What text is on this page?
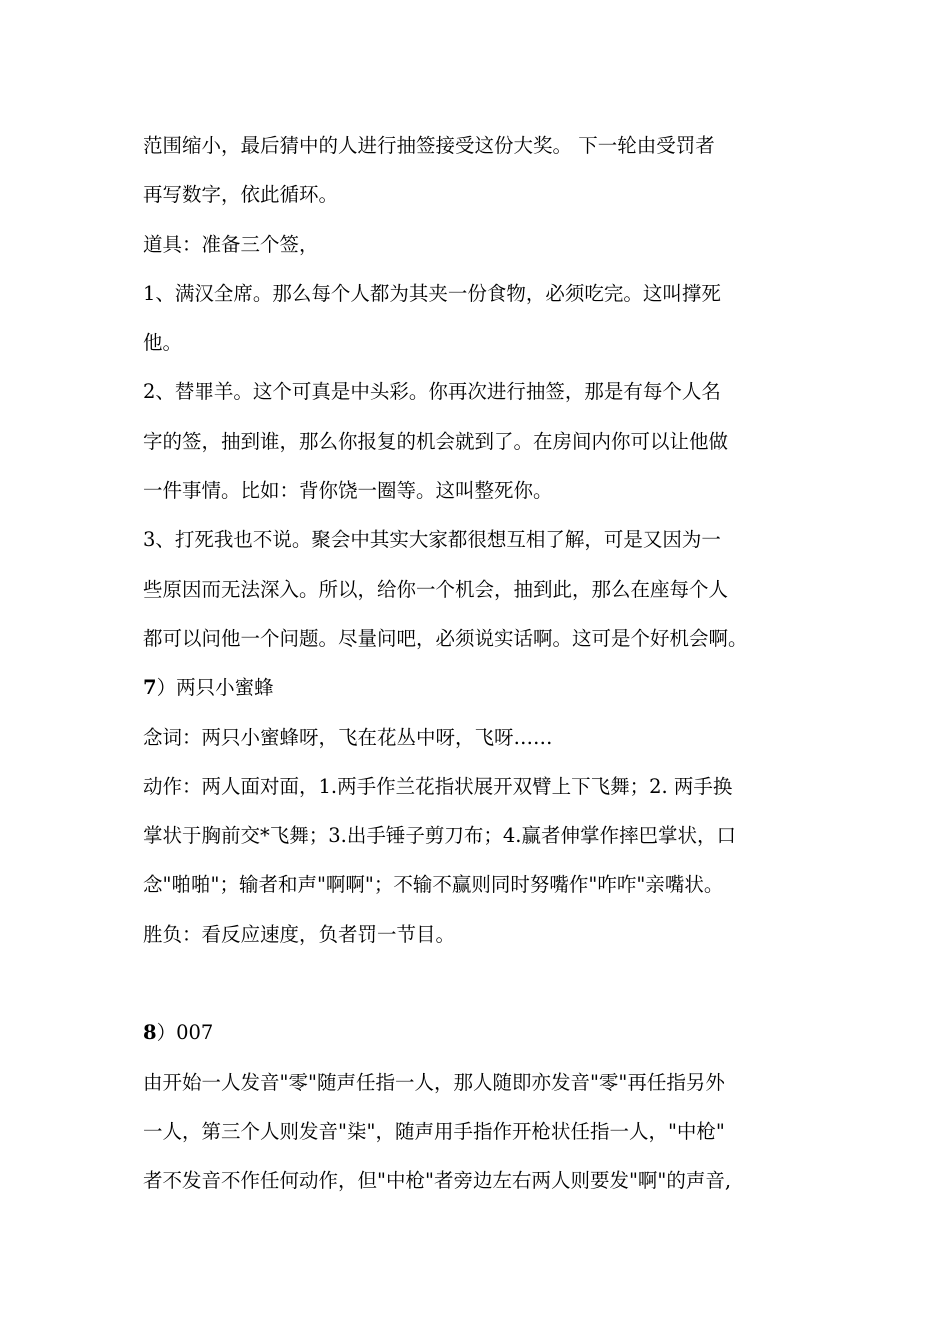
范围缩小，最后猜中的人进行抽签接受这份大奖。 下一轮由受罚者
再写数字，依此循环。
道具：准备三个签，
1、满汉全席。那么每个人都为其夹一份食物，必须吃完。这叫撑死
他。
2、替罪羊。这个可真是中头彩。你再次进行抽签，那是有每个人名
字的签，抽到谁，那么你报复的机会就到了。在房间内你可以让他做
一件事情。比如：背你饶一圈等。这叫整死你。
3、打死我也不说。聚会中其实大家都很想互相了解，可是又因为一
些原因而无法深入。所以，给你一个机会，抽到此，那么在座每个人
都可以问他一个问题。尽量问吧，必须说实话啊。这可是个好机会啊。
7）两只小蜜蜂
念词：两只小蜜蜂呀，飞在花丛中呀，飞呀……
动作：两人面对面，1.两手作兰花指状展开双臂上下飞舞；2. 两手换
掌状于胸前交*飞舞；3.出手锤子剪刀布；4.赢者伸掌作摔巴掌状，口
念"啪啪"；输者和声"啊啊"；不输不赢则同时努嘴作"咋咋"亲嘴状。
胜负：看反应速度，负者罚一节目。
8）007
由开始一人发音"零"随声任指一人，那人随即亦发音"零"再任指另外
一人，第三个人则发音"柒"，随声用手指作开枪状任指一人，"中枪"
者不发音不作任何动作，但"中枪"者旁边左右两人则要发"啊"的声音,
